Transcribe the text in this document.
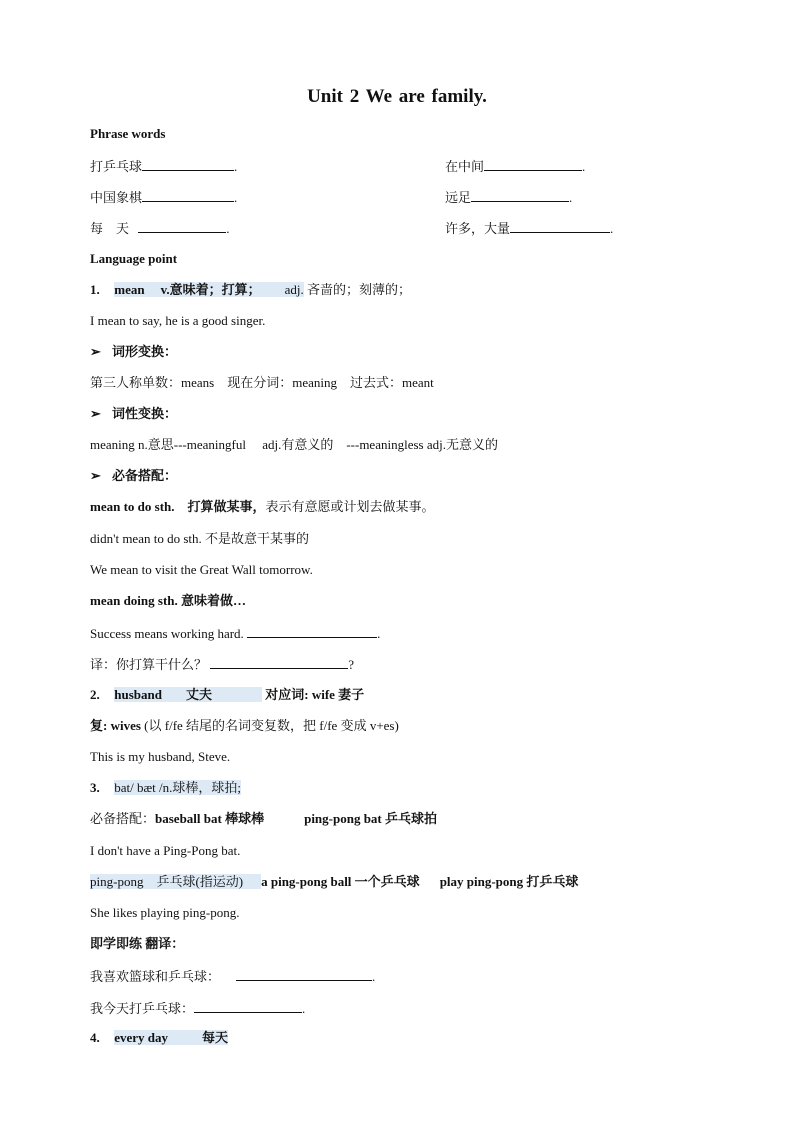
Unit 2 We are family.
Phrase words
打乒乓球	.	在中间	.
中国象棋	.	远足	.
每　天	.	许多，大量	.
Language point
1. mean v.意味着；打算； adj. 吝啬的；刻薄的；
I mean to say, he is a good singer.
➢ 词形变换：
第三人称单数：means　现在分词：meaning　过去式：meant
➢ 词性变换：
meaning n.意思---meaningful　 adj.有意义的　---meaningless adj.无意义的
➢ 必备搭配：
mean to do sth.　打算做某事，表示有意愿或计划去做某事。
didn't mean to do sth. 不是故意干某事的
We mean to visit the Great Wall tomorrow.
mean doing sth. 意味着做…
Success means working hard.	.
译：你打算干什么？	?
2. husband 丈夫	对应词: wife 妻子
复: wives (以 f/fe 结尾的名词变复数，把 f/fe 变成 v+es)
This is my husband, Steve.
3. bat/ bæt /n.球棒，球拍;
必备搭配：baseball bat 棒球棒	ping-pong bat 乒乓球拍
I don't have a Ping-Pong bat.
ping-pong　乒乓球(指运动) a ping-pong ball 一个乒乓球 play ping-pong 打乒乓球
She likes playing ping-pong.
即学即练 翻译：
我喜欢篮球和乒乓球：	.
我今天打乒乓球：	.
4. every day	每天
